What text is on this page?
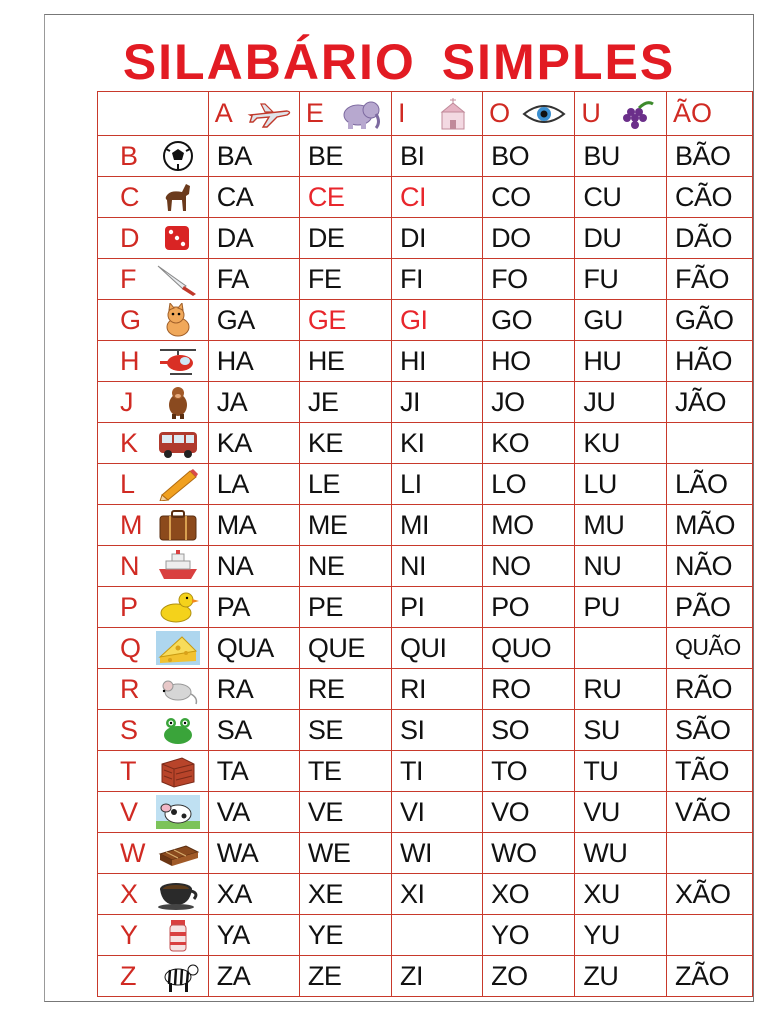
SILABÁRIO SIMPLES

	A	E	I	O	U	ÃO

B	BA	BE	BI	BO	BU	BÃO

C	CA	CE	CI	CO	CU	CÃO

D	DA	DE	DI	DO	DU	DÃO

F	FA	FE	FI	FO	FU	FÃO

G	GA	GE	GI	GO	GU	GÃO

H	HA	HE	HI	HO	HU	HÃO

J	JA	JE	JI	JO	JU	JÃO

K	KA	KE	KI	KO	KU	

L	LA	LE	LI	LO	LU	LÃO

M	MA	ME	MI	MO	MU	MÃO

N	NA	NE	NI	NO	NU	NÃO

P	PA	PE	PI	PO	PU	PÃO

Q	QUA	QUE	QUI	QUO		QUÃO

R	RA	RE	RI	RO	RU	RÃO

S	SA	SE	SI	SO	SU	SÃO

T	TA	TE	TI	TO	TU	TÃO

V	VA	VE	VI	VO	VU	VÃO

W	WA	WE	WI	WO	WU	

X	XA	XE	XI	XO	XU	XÃO

Y	YA	YE		YO	YU	

Z	ZA	ZE	ZI	ZO	ZU	ZÃO
